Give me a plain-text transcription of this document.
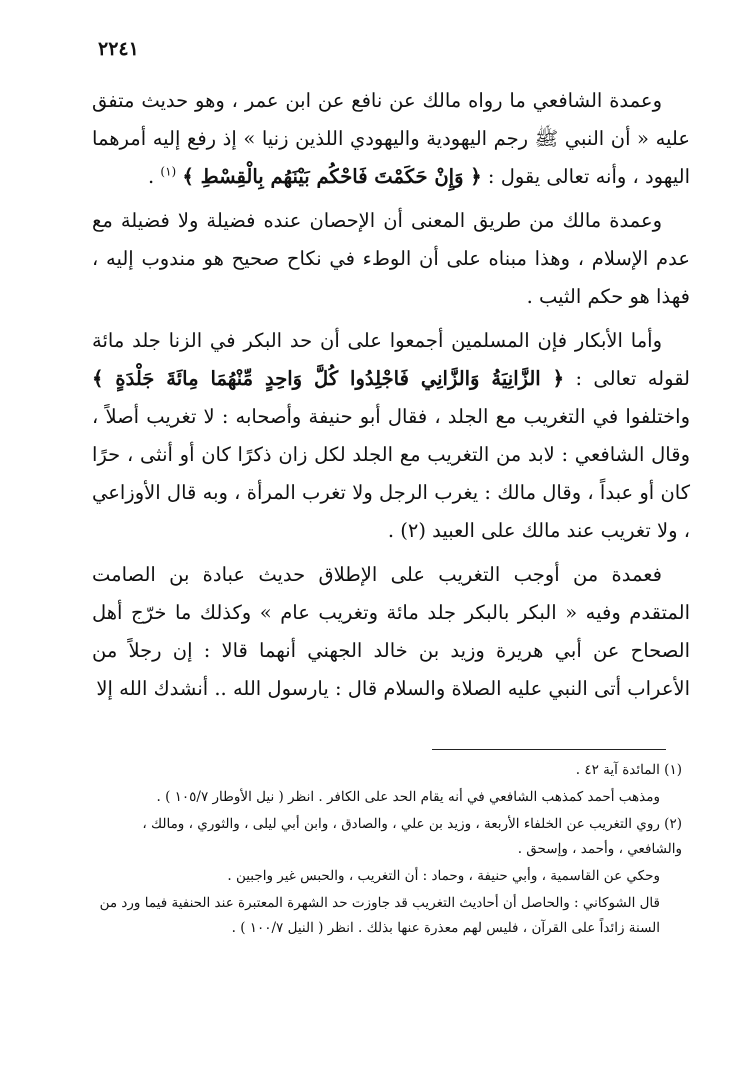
٢٢٤١

وعمدة الشافعي ما رواه مالك عن نافع عن ابن عمر ، وهو حديث متفق عليه « أن النبي ﷺ رجم اليهودية واليهودي اللذين زنيا » إذ رفع إليه أمرهما اليهود ، وأنه تعالى يقول : ﴿ وَإِنْ حَكَمْتَ فَاحْكُم بَيْنَهُم بِالْقِسْطِ ﴾ $^{(١)}$ .

وعمدة مالك من طريق المعنى أن الإحصان عنده فضيلة ولا فضيلة مع عدم الإسلام ، وهذا مبناه على أن الوطء في نكاح صحيح هو مندوب إليه ، فهذا هو حكم الثيب .

وأما الأبكار فإن المسلمين أجمعوا على أن حد البكر في الزنا جلد مائة لقوله تعالى : ﴿ الزَّانِيَةُ وَالزَّانِي فَاجْلِدُوا كُلَّ وَاحِدٍ مِّنْهُمَا مِائَةَ جَلْدَةٍ ﴾ واختلفوا في التغريب مع الجلد ، فقال أبو حنيفة وأصحابه : لا تغريب أصلاً ، وقال الشافعي : لابد من التغريب مع الجلد لكل زان ذكرًا كان أو أنثى ، حرًا كان أو عبداً ، وقال مالك : يغرب الرجل ولا تغرب المرأة ، وبه قال الأوزاعي ، ولا تغريب عند مالك على العبيد (٢) .

فعمدة من أوجب التغريب على الإطلاق حديث عبادة بن الصامت المتقدم وفيه « البكر بالبكر جلد مائة وتغريب عام » وكذلك ما خرّج أهل الصحاح عن أبي هريرة وزيد بن خالد الجهني أنهما قالا : إن رجلاً من الأعراب أتى النبي عليه الصلاة والسلام قال : يارسول الله .. أنشدك الله إلا

(١) المائدة آية ٤٢ .

ومذهب أحمد كمذهب الشافعي في أنه يقام الحد على الكافر . انظر ( نيل الأوطار ١٠٥/٧ ) .

(٢) روي التغريب عن الخلفاء الأربعة ، وزيد بن علي ، والصادق ، وابن أبي ليلى ، والثوري ، ومالك ، والشافعي ، وأحمد ، وإسحق .

وحكي عن القاسمية ، وأبي حنيفة ، وحماد : أن التغريب ، والحبس غير واجبين .

قال الشوكاني : والحاصل أن أحاديث التغريب قد جاوزت حد الشهرة المعتبرة عند الحنفية فيما ورد من السنة زائداً على القرآن ، فليس لهم معذرة عنها بذلك . انظر ( النيل ١٠٠/٧ ) .
